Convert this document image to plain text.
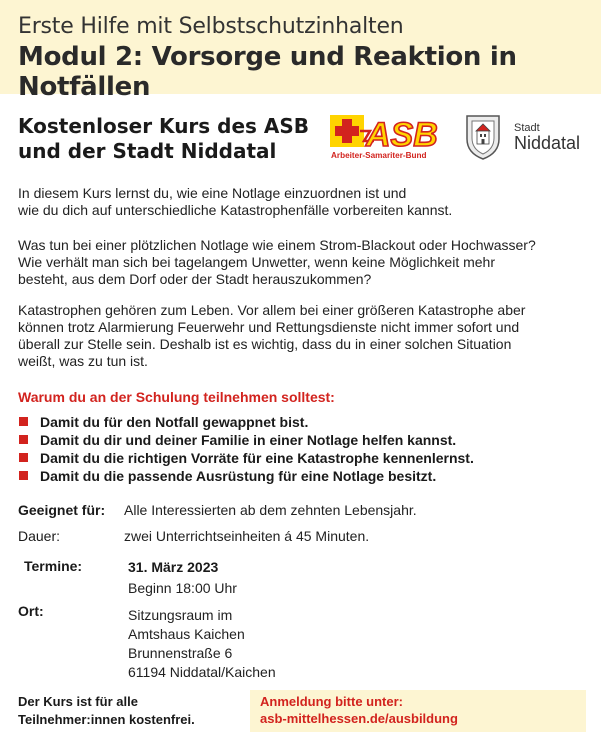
Erste Hilfe mit Selbstschutzinhalten
Modul 2: Vorsorge und Reaktion in Notfällen
Kostenloser Kurs des ASB
und der Stadt Niddatal	ASB
Arbeiter-Samariter-Bund
Stadt
Niddatal
In diesem Kurs lernst du, wie eine Notlage einzuordnen ist und
wie du dich auf unterschiedliche Katastrophenfälle vorbereiten kannst.
Was tun bei einer plötzlichen Notlage wie einem Strom-Blackout oder Hochwasser?
Wie verhält man sich bei tagelangem Unwetter, wenn keine Möglichkeit mehr
besteht, aus dem Dorf oder der Stadt herauszukommen?
Katastrophen gehören zum Leben. Vor allem bei einer größeren Katastrophe aber
können trotz Alarmierung Feuerwehr und Rettungsdienste nicht immer sofort und
überall zur Stelle sein. Deshalb ist es wichtig, dass du in einer solchen Situation
weißt, was zu tun ist.
Warum du an der Schulung teilnehmen solltest:
Damit du für den Notfall gewappnet bist.
Damit du dir und deiner Familie in einer Notlage helfen kannst.
Damit du die richtigen Vorräte für eine Katastrophe kennenlernst.
Damit du die passende Ausrüstung für eine Notlage besitzt.
Geeignet für: Alle Interessierten ab dem zehnten Lebensjahr.
Dauer:	zwei Unterrichtseinheiten á 45 Minuten.
Termine:	31. März 2023
Beginn 18:00 Uhr
Ort:	Sitzungsraum im
Amtshaus Kaichen
Brunnenstraße 6
61194 Niddatal/Kaichen
Der Kurs ist für alle
Teilnehmer:innen kostenfrei.
Anmeldung bitte unter:
asb-mittelhessen.de/ausbildung
